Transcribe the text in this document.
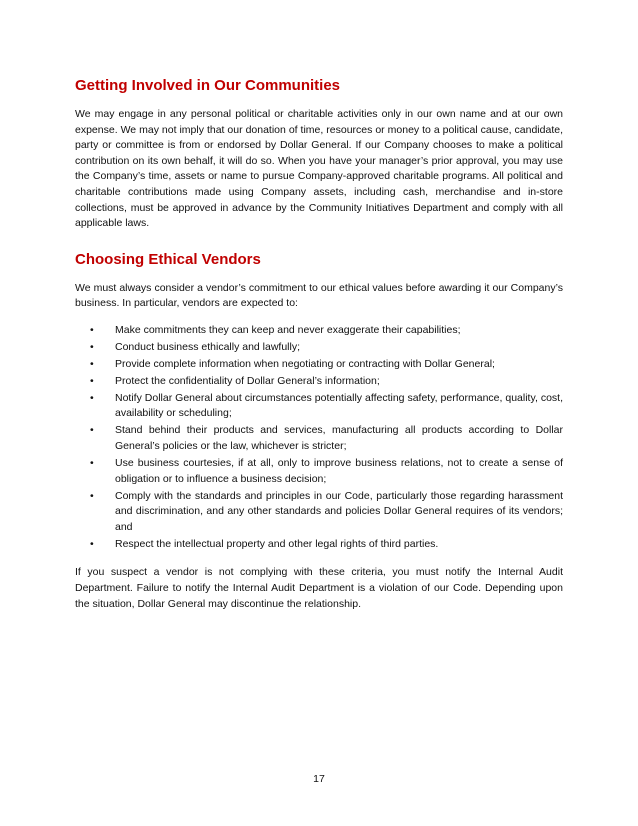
Getting Involved in Our Communities

We may engage in any personal political or charitable activities only in our own name and at our own expense. We may not imply that our donation of time, resources or money to a political cause, candidate, party or committee is from or endorsed by Dollar General. If our Company chooses to make a political contribution on its own behalf, it will do so. When you have your manager’s prior approval, you may use the Company’s time, assets or name to pursue Company-approved charitable programs. All political and charitable contributions made using Company assets, including cash, merchandise and in-store collections, must be approved in advance by the Community Initiatives Department and comply with all applicable laws.

Choosing Ethical Vendors

We must always consider a vendor’s commitment to our ethical values before awarding it our Company’s business. In particular, vendors are expected to:

• Make commitments they can keep and never exaggerate their capabilities;
• Conduct business ethically and lawfully;
• Provide complete information when negotiating or contracting with Dollar General;
• Protect the confidentiality of Dollar General’s information;
• Notify Dollar General about circumstances potentially affecting safety, performance, quality, cost, availability or scheduling;
• Stand behind their products and services, manufacturing all products according to Dollar General’s policies or the law, whichever is stricter;
• Use business courtesies, if at all, only to improve business relations, not to create a sense of obligation or to influence a business decision;
• Comply with the standards and principles in our Code, particularly those regarding harassment and discrimination, and any other standards and policies Dollar General requires of its vendors; and
• Respect the intellectual property and other legal rights of third parties.

If you suspect a vendor is not complying with these criteria, you must notify the Internal Audit Department. Failure to notify the Internal Audit Department is a violation of our Code. Depending upon the situation, Dollar General may discontinue the relationship.

17
